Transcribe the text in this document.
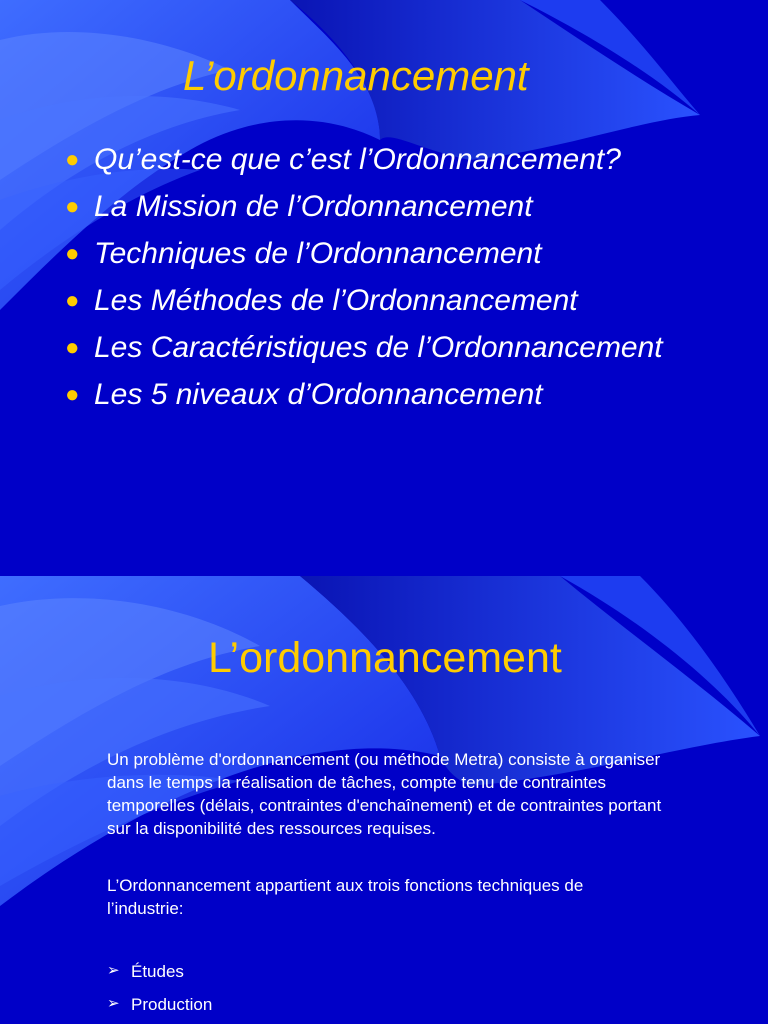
L’ordonnancement
● Qu’est-ce que c’est l’Ordonnancement?
● La Mission de l’Ordonnancement
● Techniques de l’Ordonnancement
● Les Méthodes de l’Ordonnancement
● Les Caractéristiques de l’Ordonnancement
● Les 5 niveaux d’Ordonnancement
L’ordonnancement

Un problème d'ordonnancement (ou méthode Metra) consiste à organiser dans le temps la réalisation de tâches, compte tenu de contraintes temporelles (délais, contraintes d'enchaînement) et de contraintes portant sur la disponibilité des ressources requises.

L’Ordonnancement appartient aux trois fonctions techniques de l’industrie:

➢ Études
➢ Production
